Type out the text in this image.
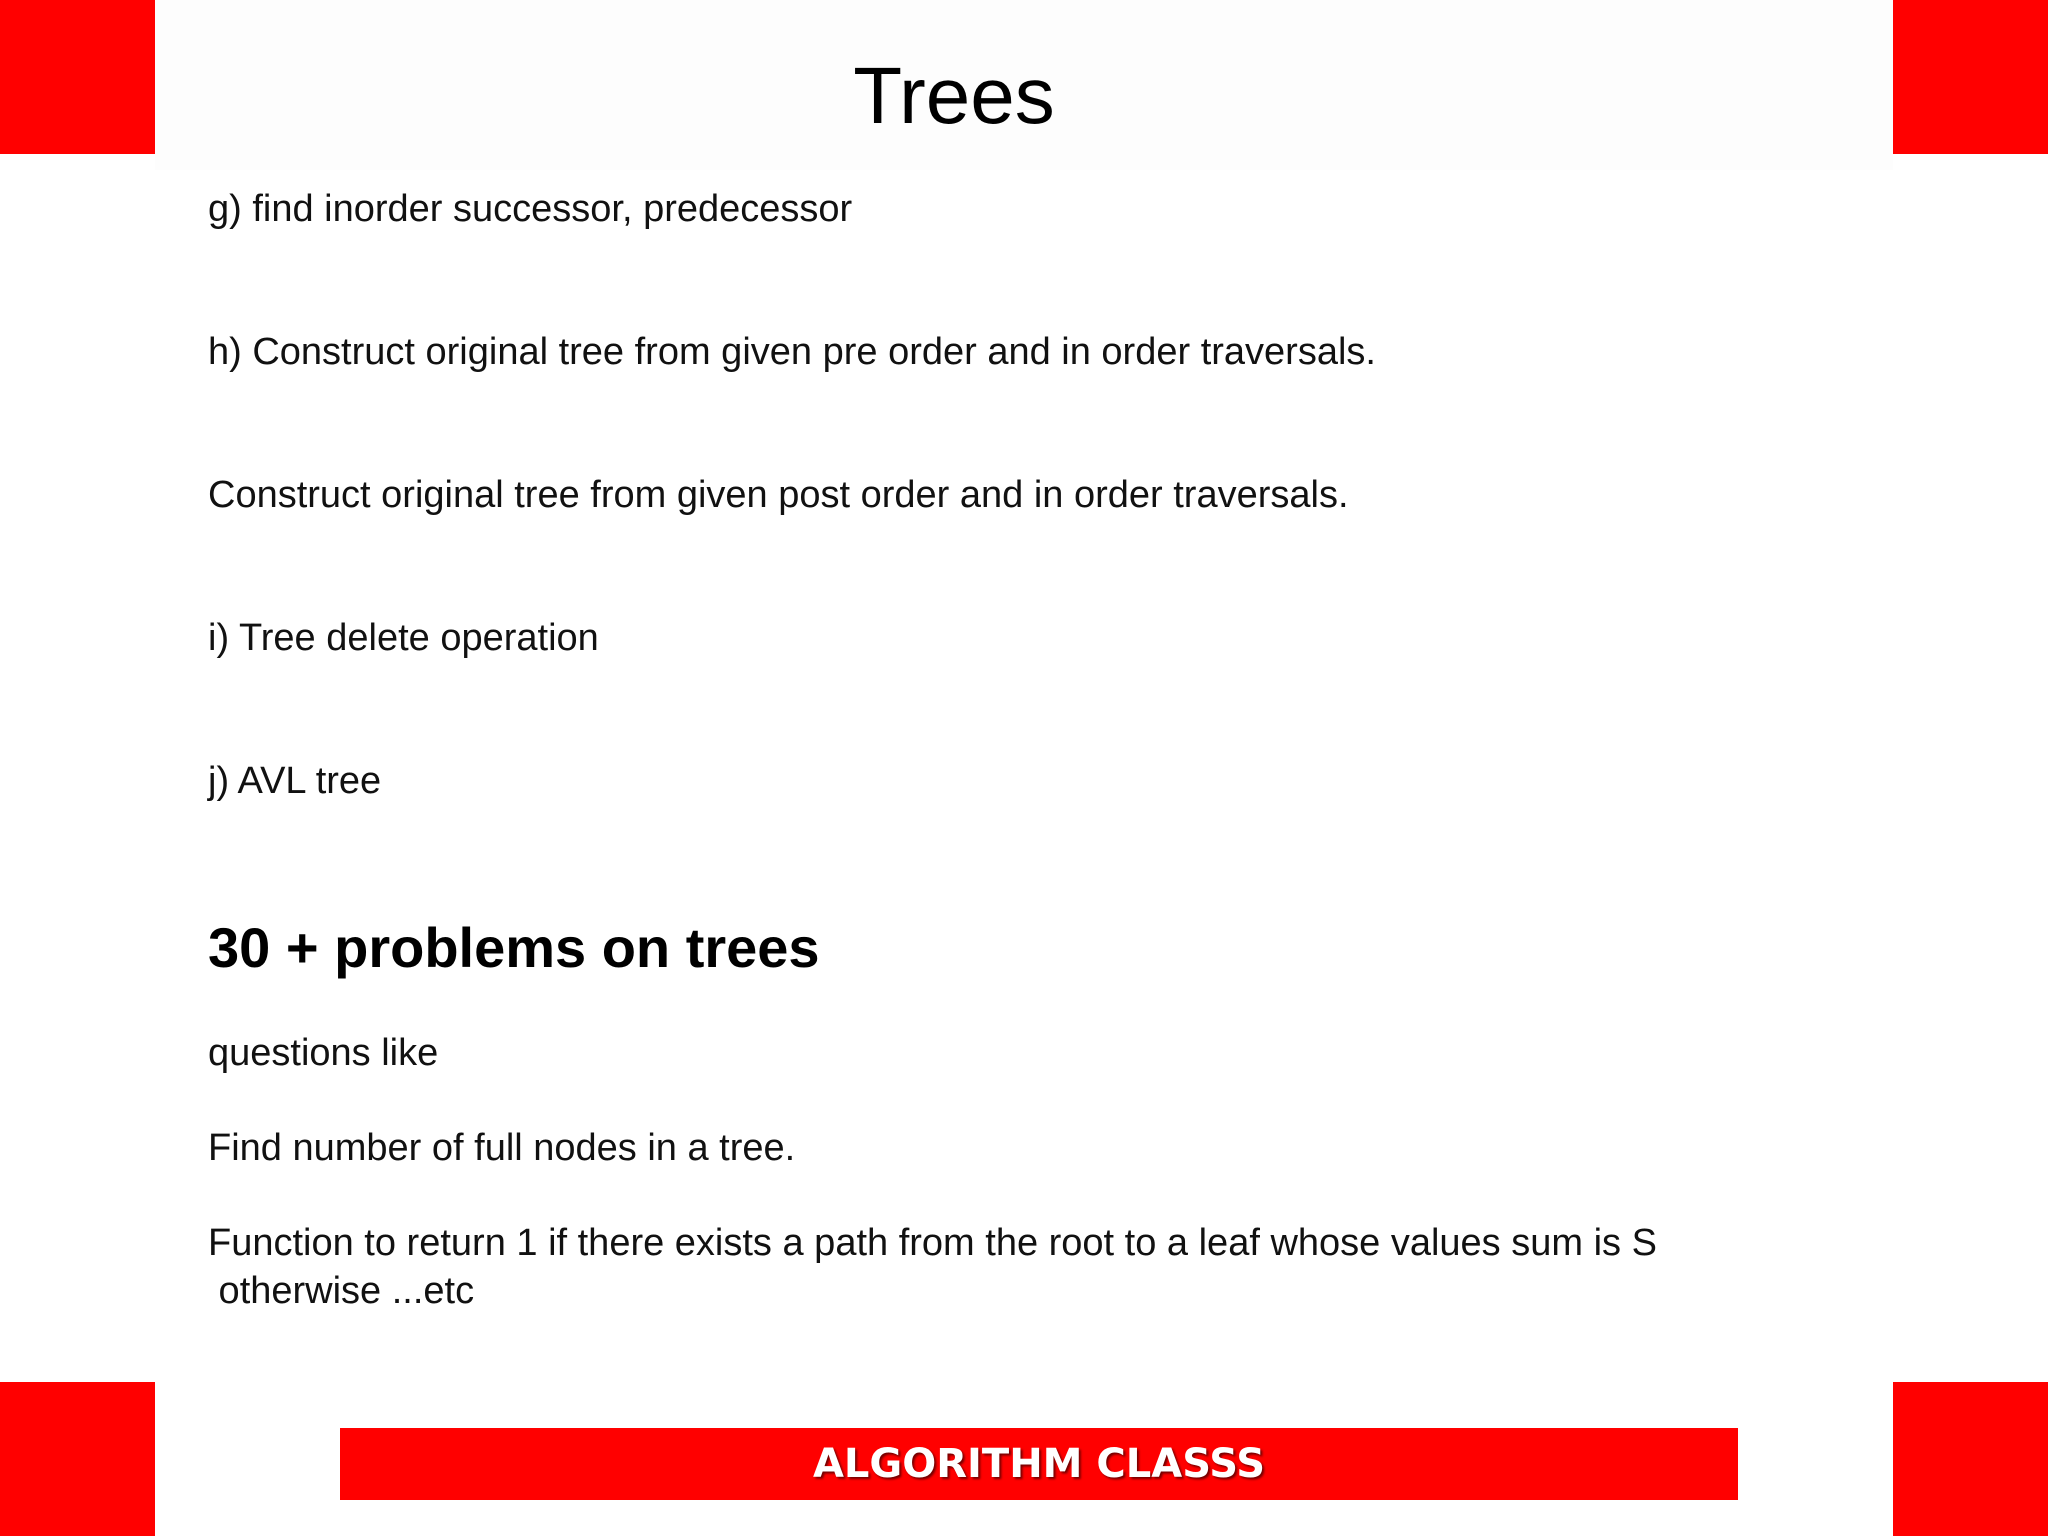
Trees
g) find inorder successor, predecessor
h) Construct original tree from given pre order and in order traversals.
Construct original tree from given post order and in order traversals.
i) Tree delete operation
j) AVL tree
30 + problems on trees
questions like
Find number of full nodes in a tree.
Function to return 1 if there exists a path from the root to a leaf whose values sum is S
otherwise ...etc
ALGORITHM CLASSS
